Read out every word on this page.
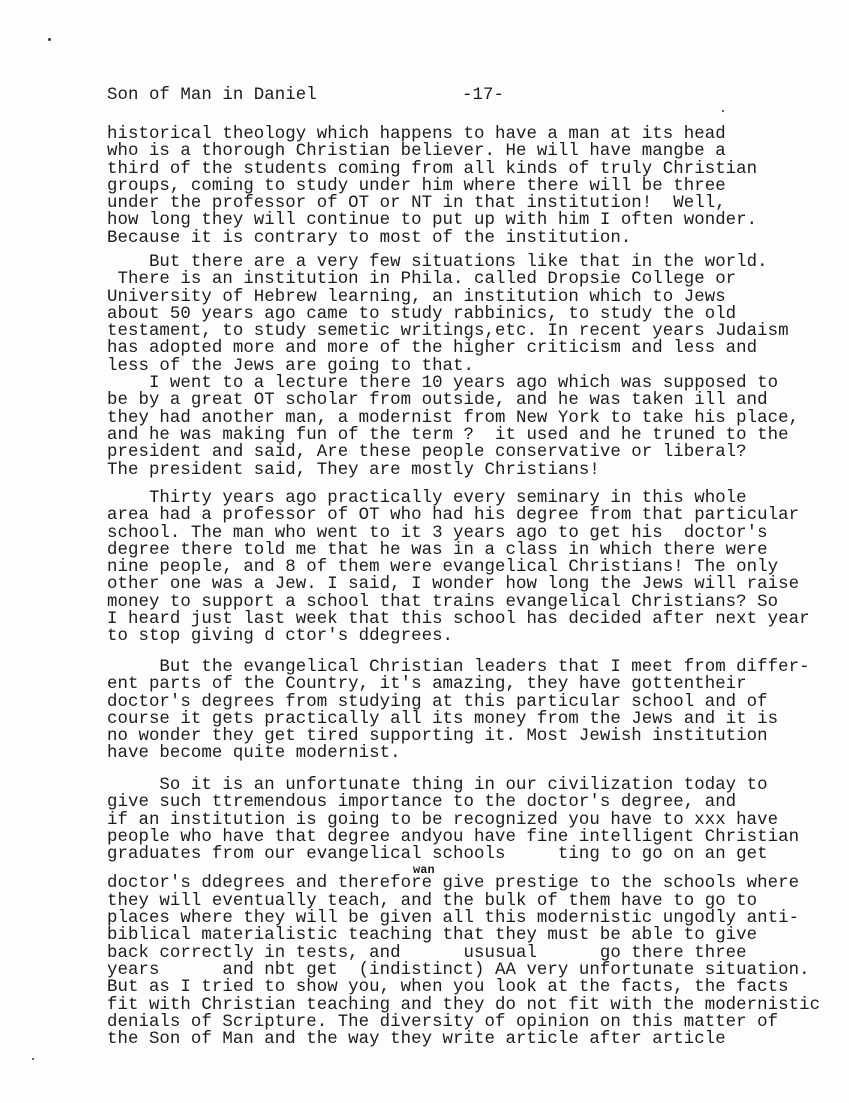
Son of Man in Daniel	-17-
historical theology which happens to have a man at its head
who is a thorough Christian believer. He will have mangbe a
third of the students coming from all kinds of truly Christian
groups, coming to study under him where there will be three
under the professor of OT or NT in that institution!  Well,
how long they will continue to put up with him I often wonder.
Because it is contrary to most of the institution.
But there are a very few situations like that in the world.
There is an institution in Phila. called Dropsie College or
University of Hebrew learning, an institution which to Jews
about 50 years ago came to study rabbinics, to study the old
testament, to study semetic writings,etc. In recent years Judaism
has adopted more and more of the higher criticism and less and
less of the Jews are going to that.
I went to a lecture there 10 years ago which was supposed to
be by a great OT scholar from outside, and he was taken ill and
they had another man, a modernist from New York to take his place,
and he was making fun of the term ?  it used and he truned to the
president and said, Are these people conservative or liberal?
The president said, They are mostly Christians!
Thirty years ago practically every seminary in this whole
area had a professor of OT who had his degree from that particular
school. The man who went to it 3 years ago to get his  doctor's
degree there told me that he was in a class in which there were
nine people, and 8 of them were evangelical Christians! The only
other one was a Jew. I said, I wonder how long the Jews will raise
money to support a school that trains evangelical Christians? So
I heard just last week that this school has decided after next year
to stop giving d ctor's ddegrees.
But the evangelical Christian leaders that I meet from differ-
ent parts of the Country, it's amazing, they have gottentheir
doctor's degrees from studying at this particular school and of
course it gets practically all its money from the Jews and it is
no wonder they get tired supporting it. Most Jewish institution
have become quite modernist.
So it is an unfortunate thing in our civilization today to
give such ttremendous importance to the doctor's degree, and
if an institution is going to be recognized you have to xxx have
people who have that degree andyou have fine intelligent Christian
graduates from our evangelical schools     ting to go on an get
doctor's ddegrees and therefore give prestige to the schools where
they will eventually teach, and the bulk of them have to go to
places where they will be given all this modernistic ungodly anti-
biblical materialistic teaching that they must be able to give
back correctly in tests, and      ususual      go there three
years      and nbt get  (indistinct) AA very unfortunate situation.
But as I tried to show you, when you look at the facts, the facts
fit with Christian teaching and they do not fit with the modernistic
denials of Scripture. The diversity of opinion on this matter of
the Son of Man and the way they write article after article
wan
